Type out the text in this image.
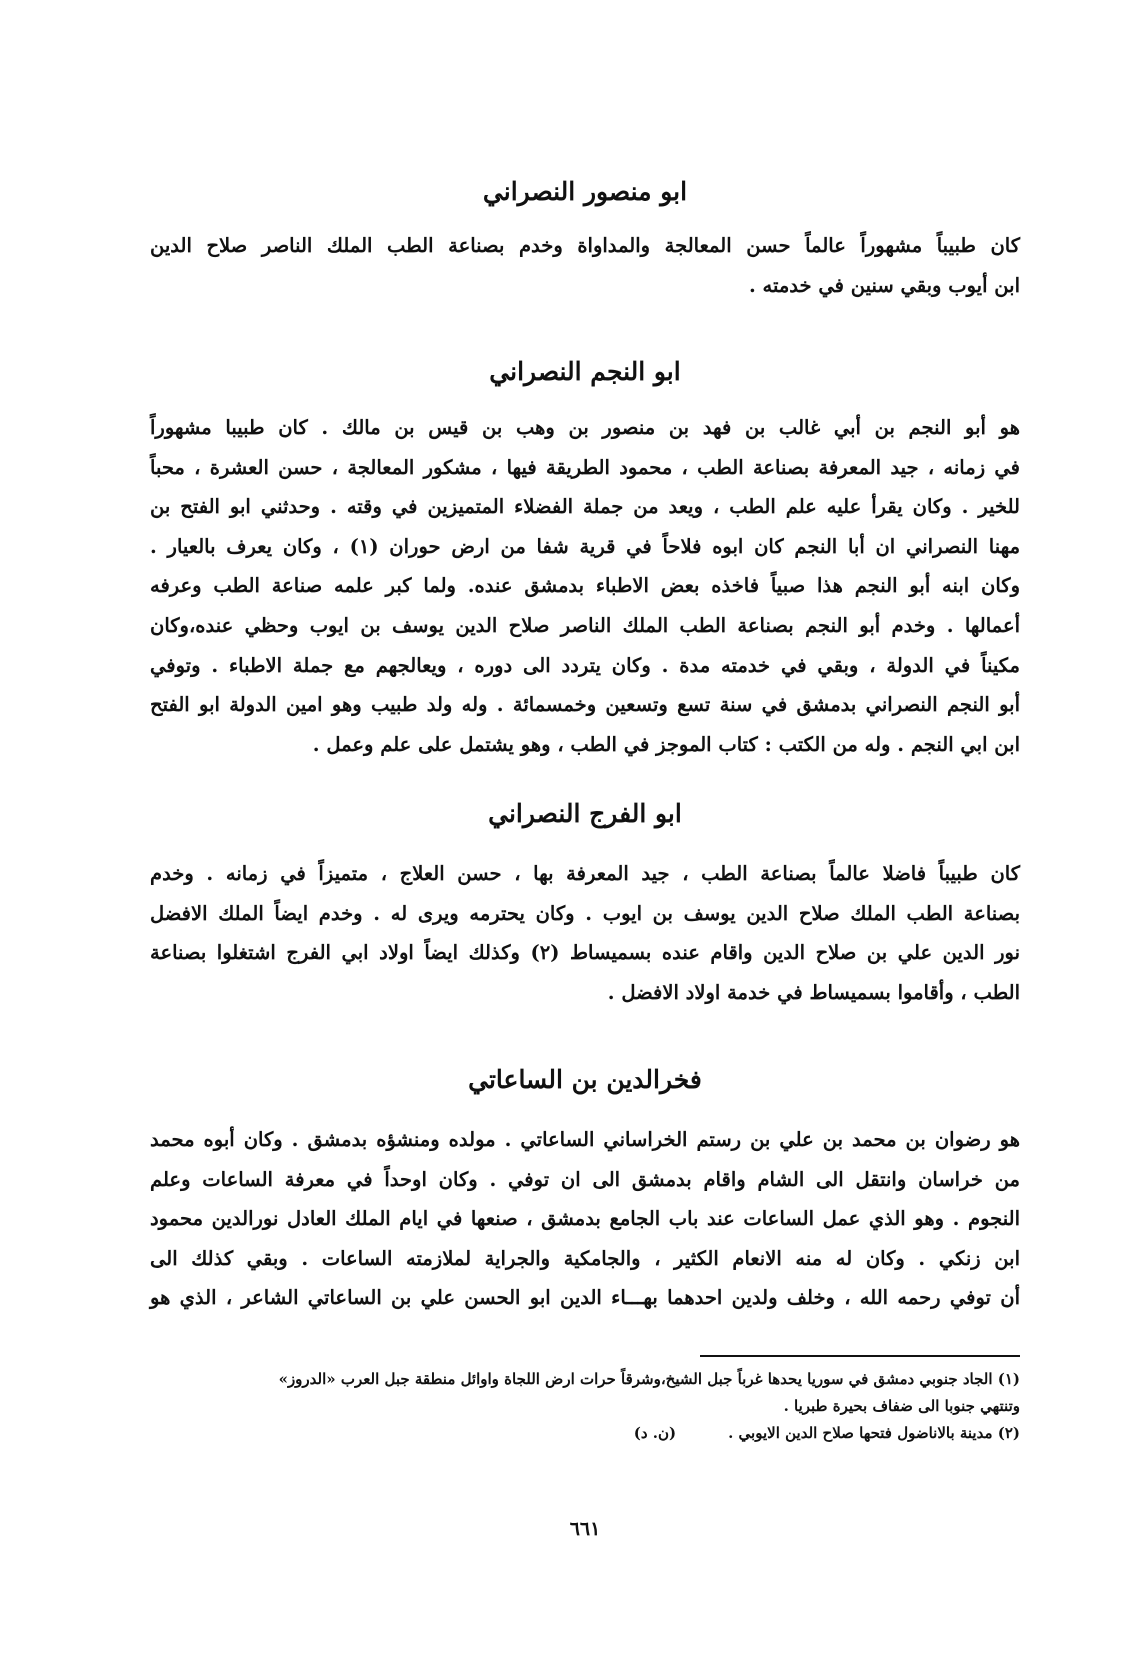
ابو منصور النصراني
كان طبيباً مشهوراً عالماً حسن المعالجة والمداواة وخدم بصناعة الطب الملك الناصر صلاح الدين
ابن أيوب وبقي سنين في خدمته .
ابو النجم النصراني
هو أبو النجم بن أبي غالب بن فهد بن منصور بن وهب بن قيس بن مالك . كان طبيبا مشهوراً
في زمانه ، جيد المعرفة بصناعة الطب ، محمود الطريقة فيها ، مشكور المعالجة ، حسن العشرة ، محباً
للخير . وكان يقرأ عليه علم الطب ، ويعد من جملة الفضلاء المتميزين في وقته . وحدثني ابو الفتح بن
مهنا النصراني ان أبا النجم كان ابوه فلاحاً في قرية شفا من ارض حوران (١) ، وكان يعرف بالعيار .
وكان ابنه أبو النجم هذا صبياً فاخذه بعض الاطباء بدمشق عنده. ولما كبر علمه صناعة الطب وعرفه
أعمالها . وخدم أبو النجم بصناعة الطب الملك الناصر صلاح الدين يوسف بن ايوب وحظي عنده،وكان
مكيناً في الدولة ، وبقي في خدمته مدة . وكان يتردد الى دوره ، ويعالجهم مع جملة الاطباء . وتوفي
أبو النجم النصراني بدمشق في سنة تسع وتسعين وخمسمائة . وله ولد طبيب وهو امين الدولة ابو الفتح
ابن ابي النجم . وله من الكتب : كتاب الموجز في الطب ، وهو يشتمل على علم وعمل .
ابو الفرج النصراني
كان طبيباً فاضلا عالماً بصناعة الطب ، جيد المعرفة بها ، حسن العلاج ، متميزاً في زمانه . وخدم
بصناعة الطب الملك صلاح الدين يوسف بن ايوب . وكان يحترمه ويرى له . وخدم ايضاً الملك الافضل
نور الدين علي بن صلاح الدين واقام عنده بسميساط (٢) وكذلك ايضاً اولاد ابي الفرج اشتغلوا بصناعة
الطب ، وأقاموا بسميساط في خدمة اولاد الافضل .
فخرالدين بن الساعاتي
هو رضوان بن محمد بن علي بن رستم الخراساني الساعاتي . مولده ومنشؤه بدمشق . وكان أبوه محمد
من خراسان وانتقل الى الشام واقام بدمشق الى ان توفي . وكان اوحداً في معرفة الساعات وعلم
النجوم . وهو الذي عمل الساعات عند باب الجامع بدمشق ، صنعها في ايام الملك العادل نورالدين محمود
ابن زنكي . وكان له منه الانعام الكثير ، والجامكية والجراية لملازمته الساعات . وبقي كذلك الى
أن توفي رحمه الله ، وخلف ولدين احدهما بهـــاء الدين ابو الحسن علي بن الساعاتي الشاعر ، الذي هو

(١) الجاد جنوبي دمشق في سوريا يحدها غرباً جبل الشيخ،وشرقاً حرات ارض اللجاة واوائل منطقة جبل العرب «الدروز»

وتنتهي جنوبا الى ضفاف بحيرة طبريا .

(٢) مدينة بالاناضول فتحها صلاح الدين الايوبي .
(ن. د)
٦٦١
